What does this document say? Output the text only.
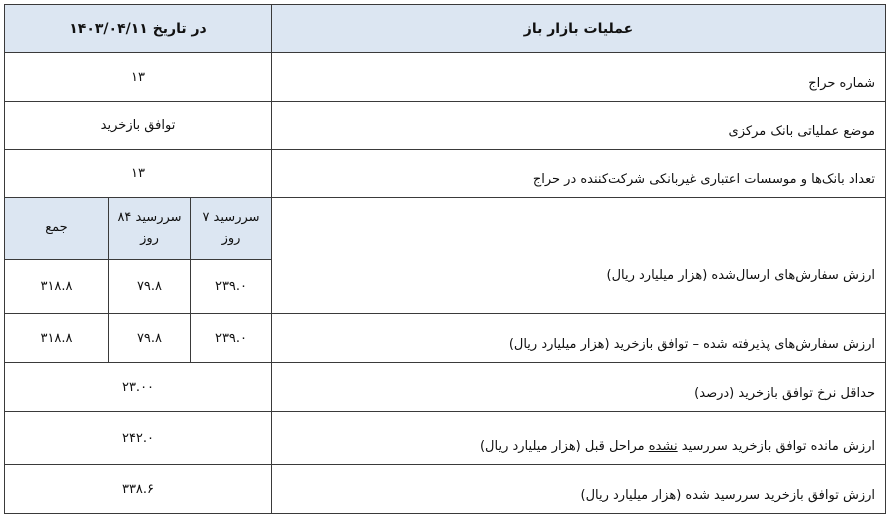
عملیات بازار باز	در تاریخ ۱۴۰۳/۰۴/۱۱		
شماره حراج	۱۳		
موضع عملیاتی بانک مرکزی	توافق بازخرید		
تعداد بانک‌ها و موسسات اعتباری غیربانکی شرکت‌کننده در حراج	۱۳		
ارزش سفارش‌های ارسال‌شده (هزار میلیارد ریال)	سررسید ۷ روز	سررسید ۸۴ روز	جمع
	۲۳۹.۰	۷۹.۸	۳۱۸.۸
ارزش سفارش‌های پذیرفته شده – توافق بازخرید (هزار میلیارد ریال)	۲۳۹.۰	۷۹.۸	۳۱۸.۸
حداقل نرخ توافق بازخرید (درصد)	۲۳.۰۰		
ارزش مانده توافق بازخرید سررسید نشده مراحل قبل (هزار میلیارد ریال)	۲۴۲.۰		
ارزش توافق بازخرید سررسید شده (هزار میلیارد ریال)	۳۳۸.۶		
